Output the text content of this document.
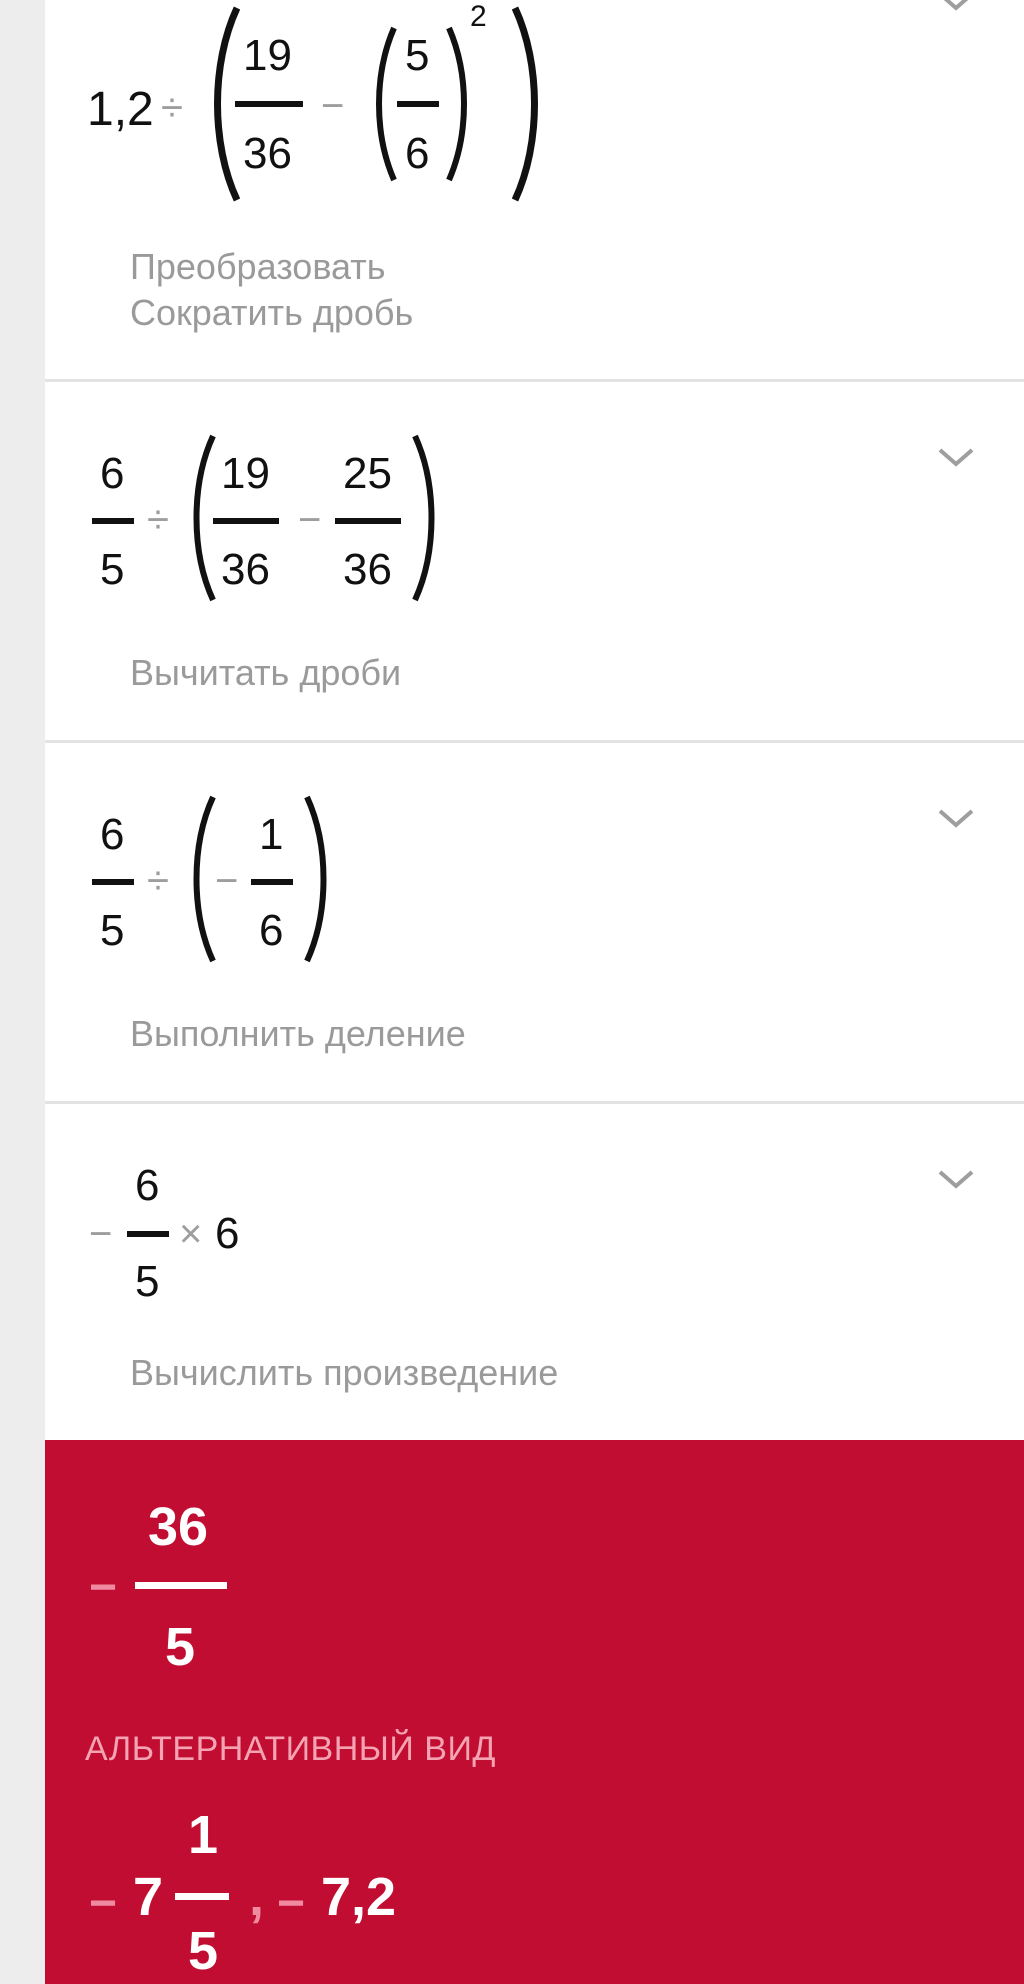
1,2 ÷
19
36
−
5
6
2
Преобразовать
Сократить дробь
6
5
÷
19
36
−
25
36
Вычитать дроби
6
5
÷ −
1
6
Выполнить деление
−
6
5
× 6
Вычислить произведение
−
36
5
АЛЬТЕРНАТИВНЫЙ ВИД
− 7
1
5
, − 7,2
